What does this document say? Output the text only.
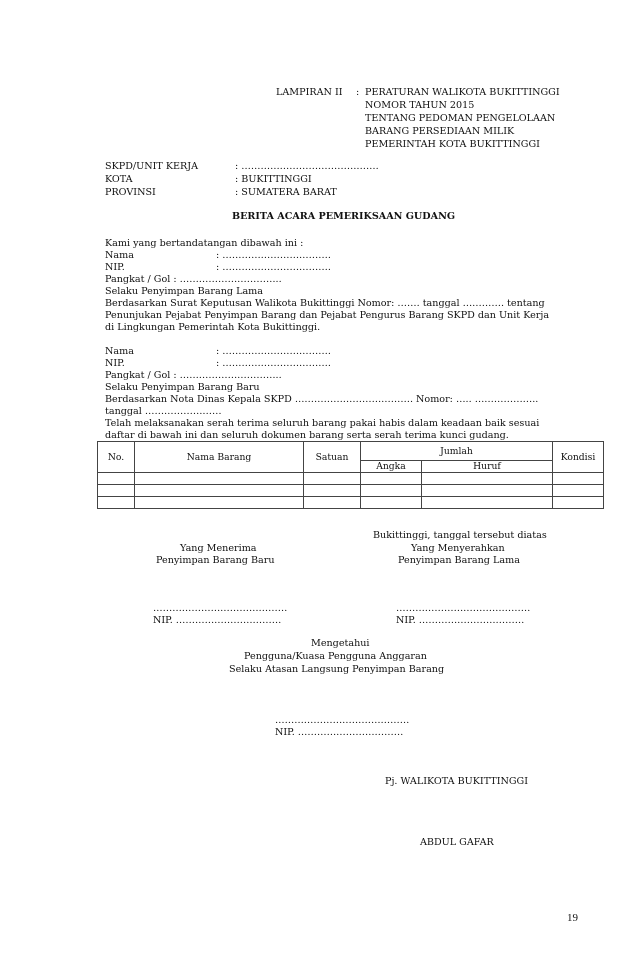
LAMPIRAN II : PERATURAN WALIKOTA BUKITTINGGI
NOMOR TAHUN 2015
TENTANG PEDOMAN PENGELOLAAN
BARANG PERSEDIAAN MILIK
PEMERINTAH KOTA BUKITTINGGI
SKPD/UNIT KERJA	: …………………………………….
KOTA	: BUKITTINGGI
PROVINSI	: SUMATERA BARAT
BERITA ACARA PEMERIKSAAN GUDANG
Kami yang bertandatangan dibawah ini :
Nama	: …………………………….
NIP.	: …………………………….
Pangkat / Gol : …………………………..
Selaku Penyimpan Barang Lama
Berdasarkan Surat Keputusan Walikota Bukittinggi Nomor: ……. tanggal …………. tentang
Penunjukan Pejabat Penyimpan Barang dan Pejabat Pengurus Barang SKPD dan Unit Kerja
di Lingkungan Pemerintah Kota Bukittinggi.
Nama	: …………………………….
NIP.	: …………………………….
Pangkat / Gol : …………………………..
Selaku Penyimpan Barang Baru
Berdasarkan Nota Dinas Kepala SKPD ………………………………. Nomor: ….. ………………..
tanggal ……………………
Telah melaksanakan serah terima seluruh barang pakai habis dalam keadaan baik sesuai
daftar di bawah ini dan seluruh dokumen barang serta serah terima kunci gudang.
No.	Nama Barang	Satuan	Jumlah		Kondisi
			Angka	Huruf	

Bukittinggi, tanggal tersebut diatas
Yang Menerima
Penyimpan Barang Baru
Yang Menyerahkan
Penyimpan Barang Lama
……………………………………
NIP. ……………………………
……………………………………
NIP. ……………………………
Mengetahui
Pengguna/Kuasa Pengguna Anggaran
Selaku Atasan Langsung Penyimpan Barang
……………………………………
NIP. ……………………………
Pj. WALIKOTA BUKITTINGGI
ABDUL GAFAR
19
